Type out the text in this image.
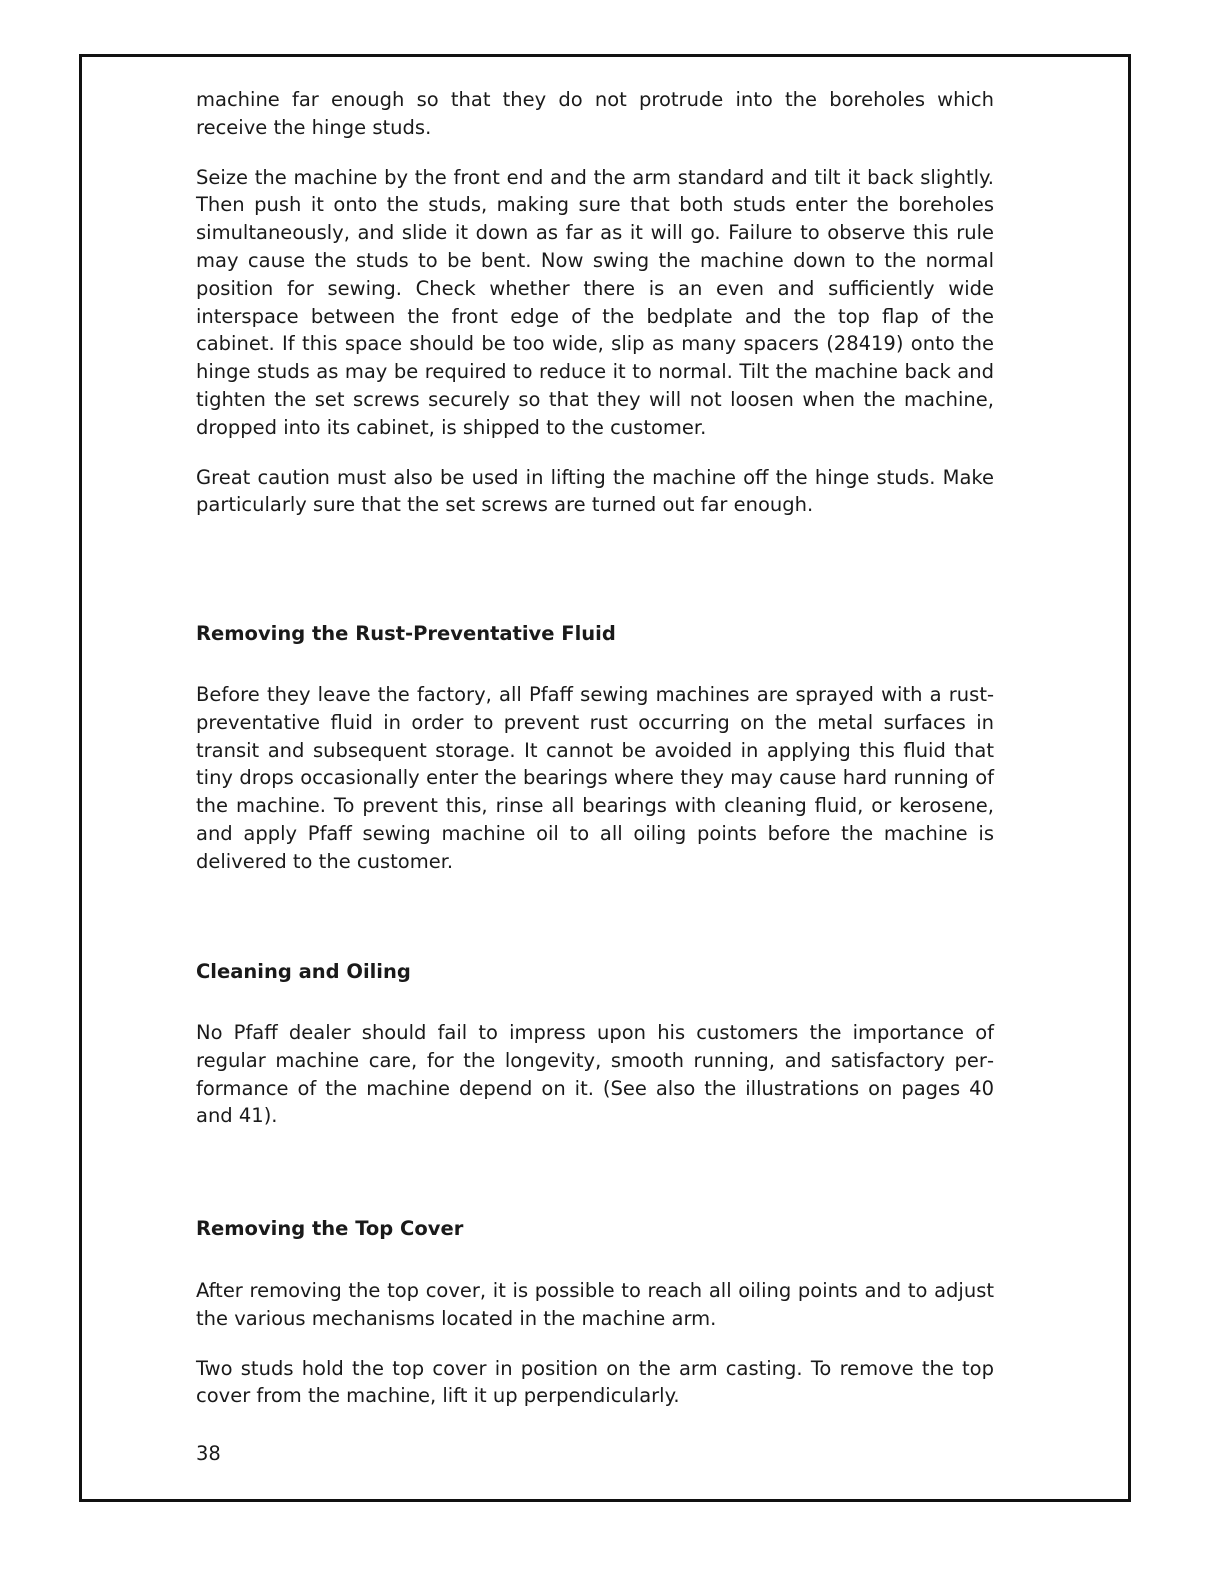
machine far enough so that they do not protrude into the boreholes which receive the hinge studs.

Seize the machine by the front end and the arm standard and tilt it back slightly. Then push it onto the studs, making sure that both studs enter the boreholes simultaneously, and slide it down as far as it will go. Failure to observe this rule may cause the studs to be bent. Now swing the machine down to the normal position for sewing. Check whether there is an even and sufficiently wide interspace between the front edge of the bedplate and the top flap of the cabinet. If this space should be too wide, slip as many spacers (28419) onto the hinge studs as may be required to reduce it to normal. Tilt the machine back and tighten the set screws securely so that they will not loosen when the machine, dropped into its cabinet, is shipped to the customer.

Great caution must also be used in lifting the machine off the hinge studs. Make particularly sure that the set screws are turned out far enough.

Removing the Rust-Preventative Fluid

Before they leave the factory, all Pfaff sewing machines are sprayed with a rust-preventative fluid in order to prevent rust occurring on the metal surfaces in transit and subsequent storage. It cannot be avoided in applying this fluid that tiny drops occasionally enter the bearings where they may cause hard running of the machine. To prevent this, rinse all bearings with cleaning fluid, or kerosene, and apply Pfaff sewing machine oil to all oiling points before the machine is delivered to the customer.

Cleaning and Oiling

No Pfaff dealer should fail to impress upon his customers the importance of regular machine care, for the longevity, smooth running, and satisfactory performance of the machine depend on it. (See also the illustrations on pages 40 and 41).

Removing the Top Cover

After removing the top cover, it is possible to reach all oiling points and to adjust the various mechanisms located in the machine arm.

Two studs hold the top cover in position on the arm casting. To remove the top cover from the machine, lift it up perpendicularly.

38
